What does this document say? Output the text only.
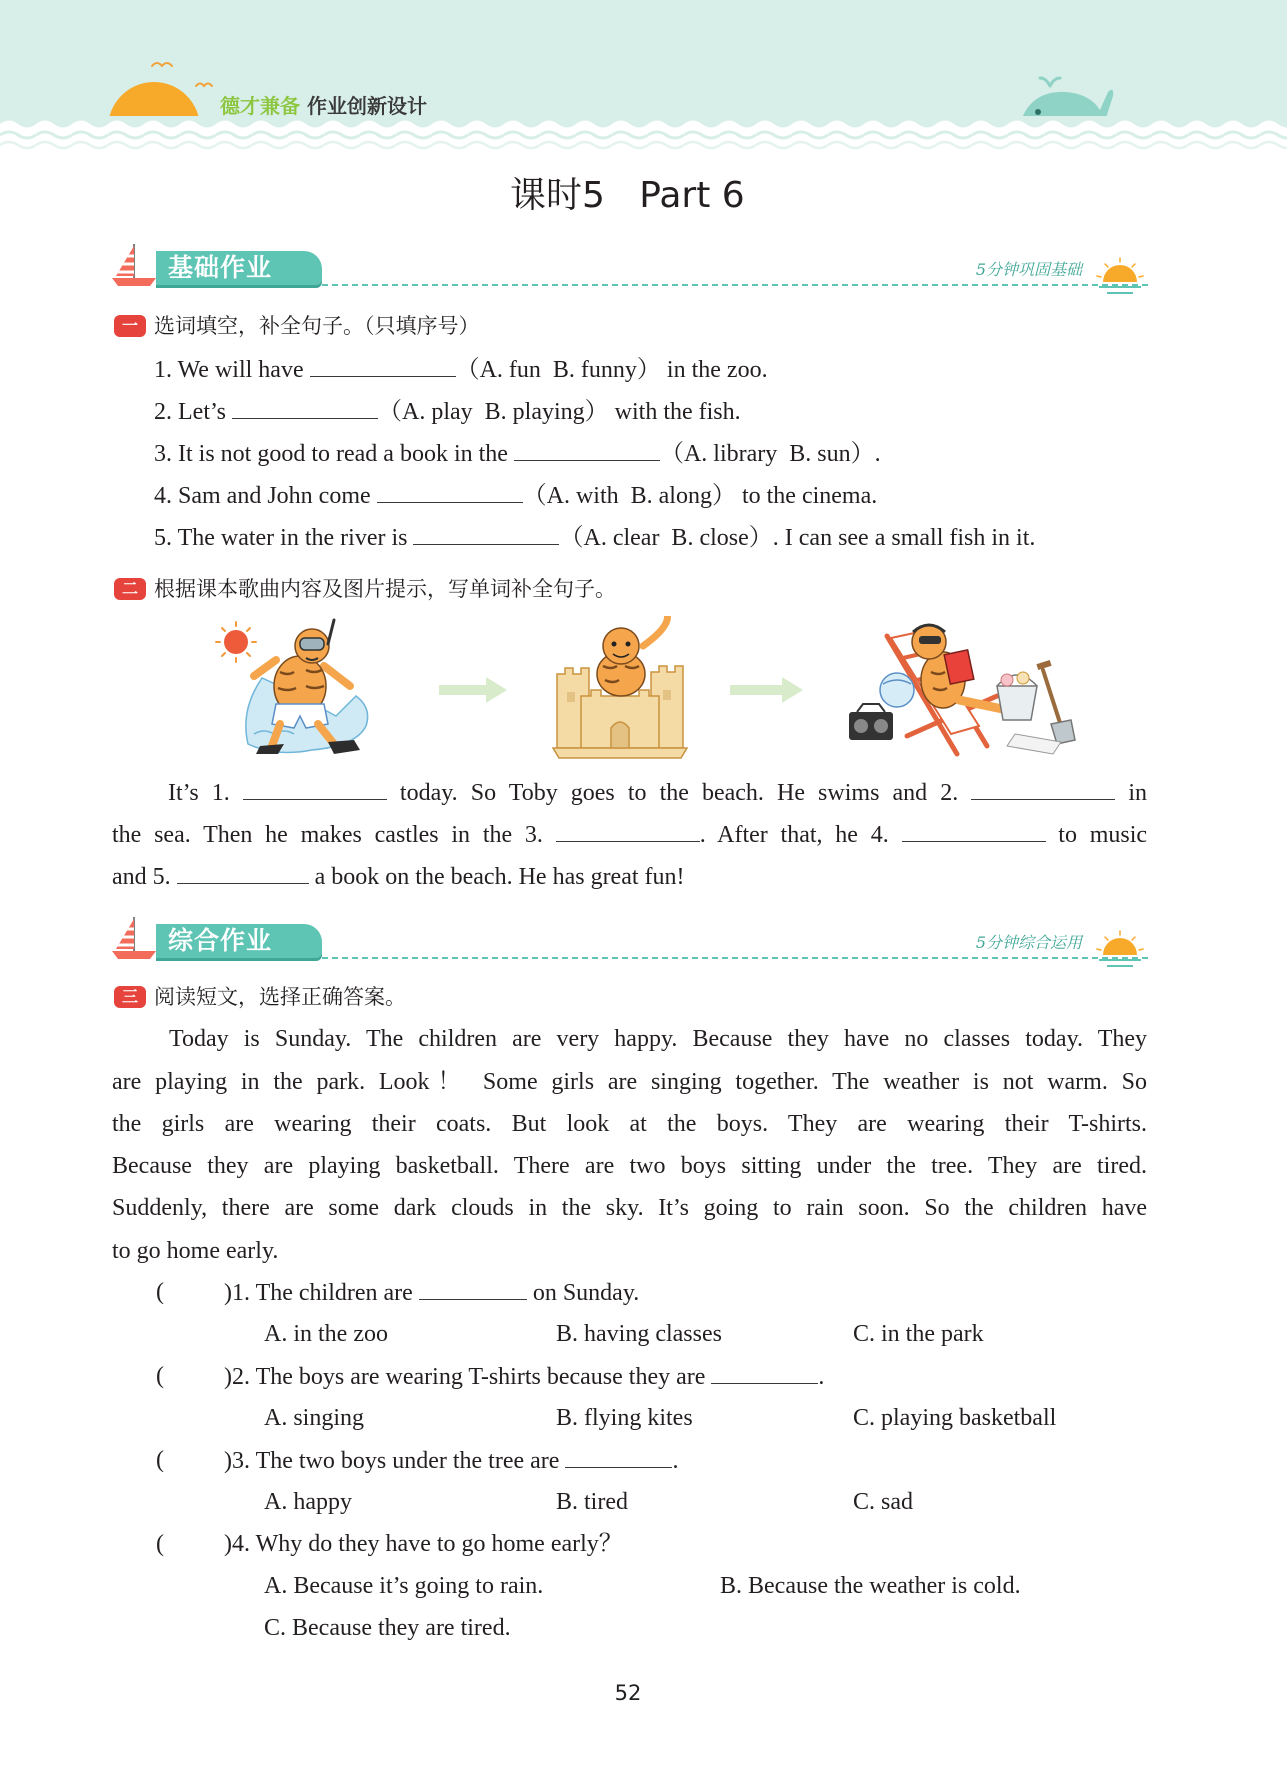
德才兼备 作业创新设计
课时5 Part 6
基础作业	5分钟巩固基础
一 选词填空，补全句子。（只填序号）
1. We will have	（A. fun  B. funny） in the zoo.
2. Let’s	（A. play  B. playing） with the fish.
3. It is not good to read a book in the	（A. library  B. sun）.
4. Sam and John come	（A. with  B. along） to the cinema.
5. The water in the river is	（A. clear  B. close）. I can see a small fish in it.
二 根据课本歌曲内容及图片提示，写单词补全句子。
It’s 1.	today. So Toby goes to the beach. He swims and 2.	in
the sea. Then he makes castles in the 3.	. After that, he 4.	to music
and 5.	a book on the beach. He has great fun!
综合作业	5分钟综合运用
三 阅读短文，选择正确答案。
Today is Sunday. The children are very happy. Because they have no classes today. They
are playing in the park. Look！ Some girls are singing together. The weather is not warm. So
the girls are wearing their coats. But look at the boys. They are wearing their T-shirts.
Because they are playing basketball. There are two boys sitting under the tree. They are tired.
Suddenly, there are some dark clouds in the sky. It’s going to rain soon. So the children have
to go home early.
(	)1. The children are	on Sunday.
A. in the zoo	B. having classes	C. in the park
(	)2. The boys are wearing T-shirts because they are	.
A. singing	B. flying kites	C. playing basketball
(	)3. The two boys under the tree are	.
A. happy	B. tired	C. sad
(	)4. Why do they have to go home early？
A. Because it’s going to rain.	B. Because the weather is cold.
C. Because they are tired.
52
